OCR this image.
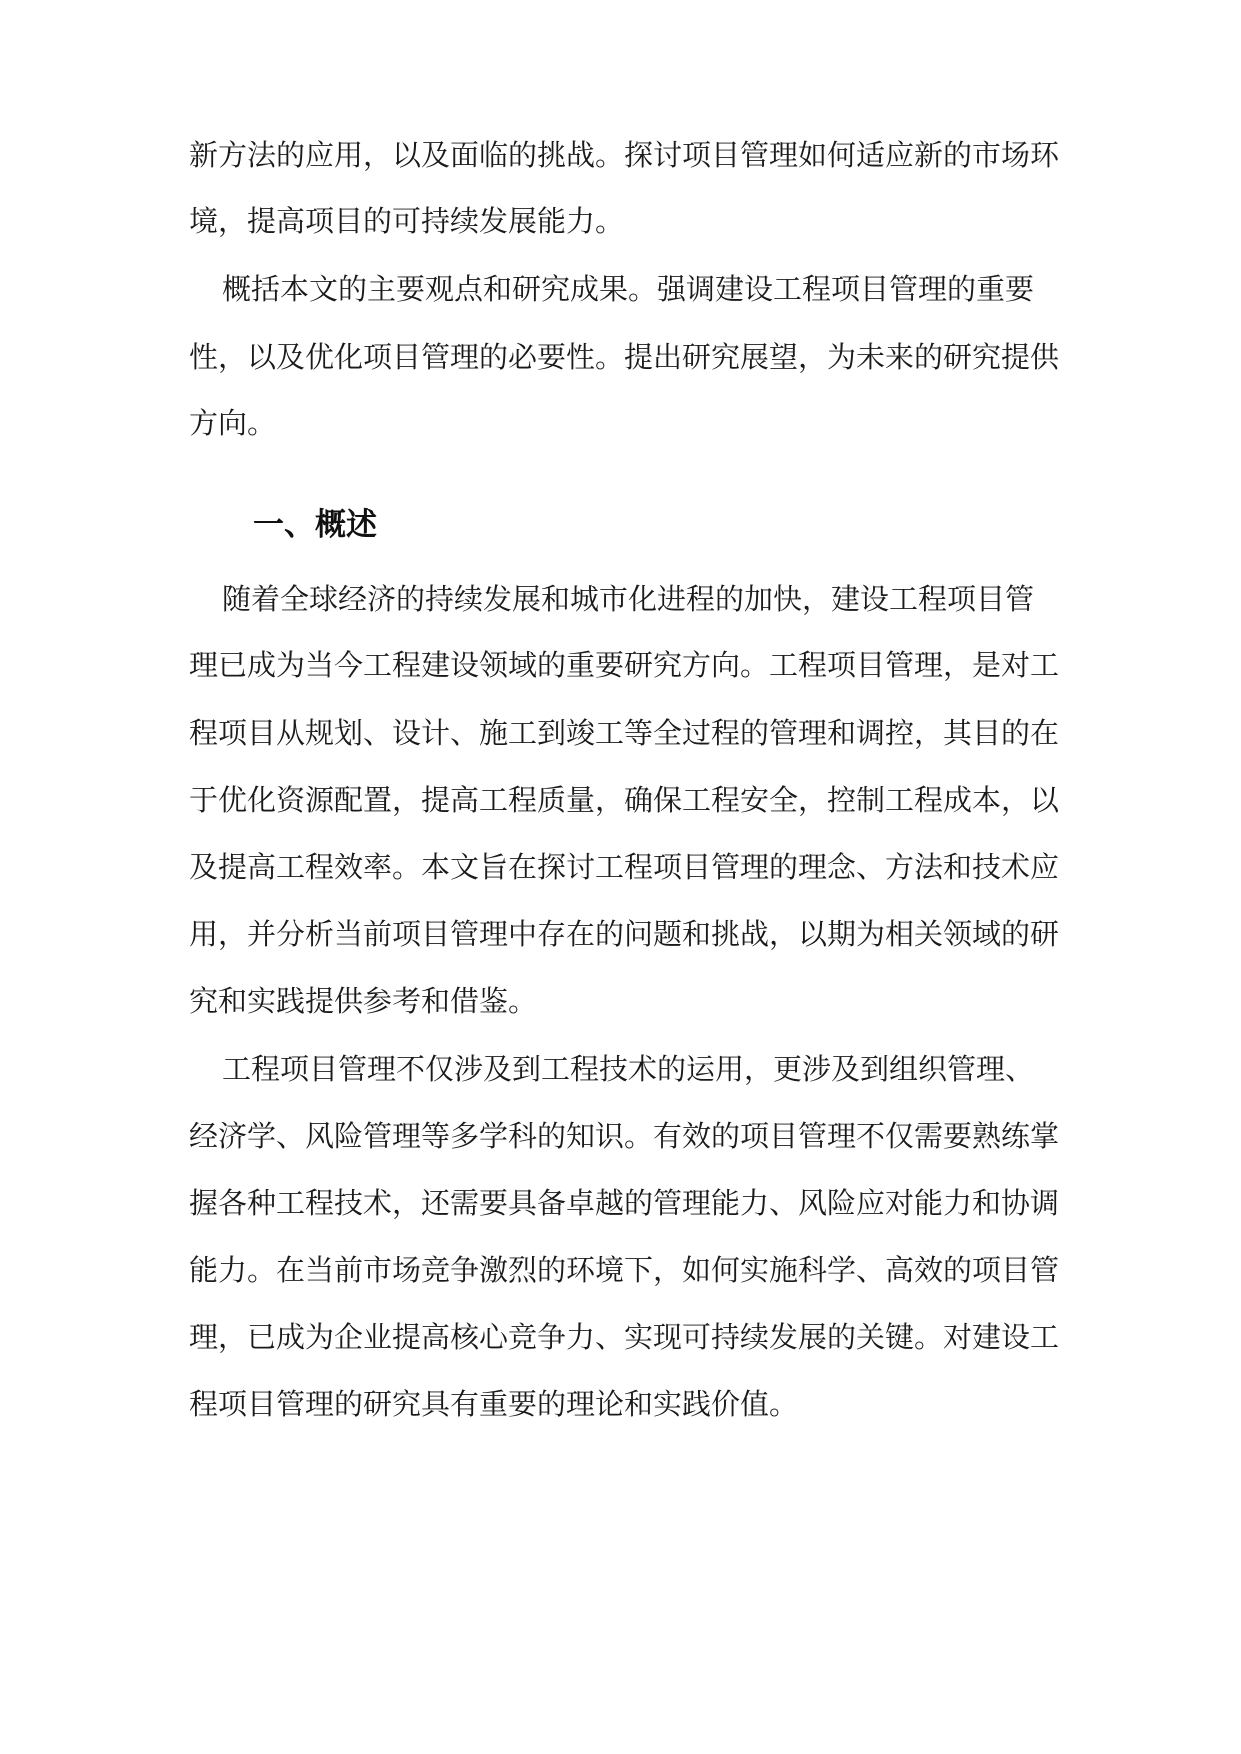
新方法的应用，以及面临的挑战。探讨项目管理如何适应新的市场环

境，提高项目的可持续发展能力。

概括本文的主要观点和研究成果。强调建设工程项目管理的重要

性，以及优化项目管理的必要性。提出研究展望，为未来的研究提供

方向。

一、概述

随着全球经济的持续发展和城市化进程的加快，建设工程项目管

理已成为当今工程建设领域的重要研究方向。工程项目管理，是对工

程项目从规划、设计、施工到竣工等全过程的管理和调控，其目的在

于优化资源配置，提高工程质量，确保工程安全，控制工程成本，以

及提高工程效率。本文旨在探讨工程项目管理的理念、方法和技术应

用，并分析当前项目管理中存在的问题和挑战，以期为相关领域的研

究和实践提供参考和借鉴。

工程项目管理不仅涉及到工程技术的运用，更涉及到组织管理、

经济学、风险管理等多学科的知识。有效的项目管理不仅需要熟练掌

握各种工程技术，还需要具备卓越的管理能力、风险应对能力和协调

能力。在当前市场竞争激烈的环境下，如何实施科学、高效的项目管

理，已成为企业提高核心竞争力、实现可持续发展的关键。对建设工

程项目管理的研究具有重要的理论和实践价值。
